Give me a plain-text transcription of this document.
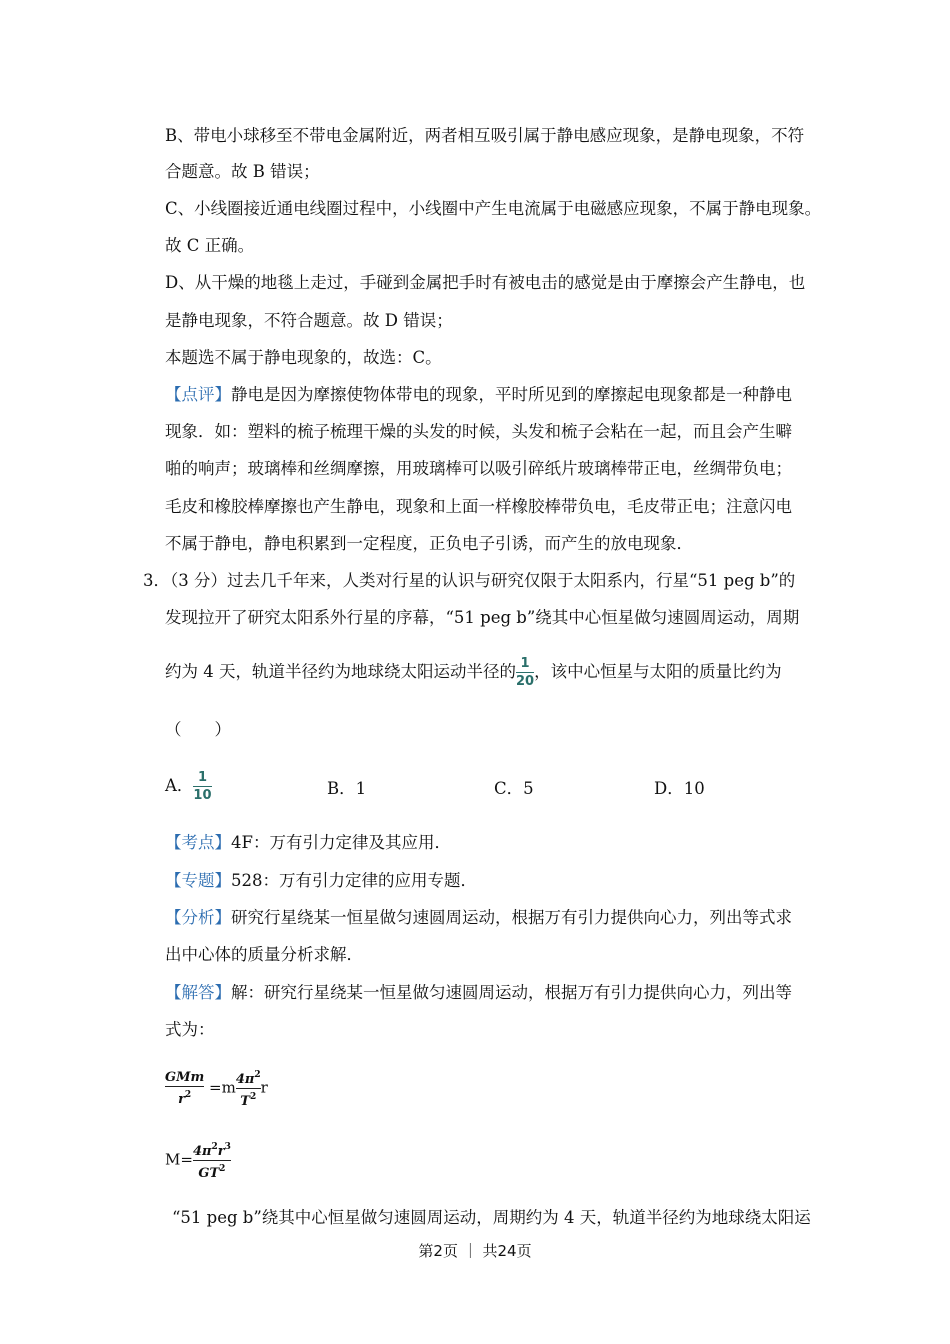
B、带电小球移至不带电金属附近，两者相互吸引属于静电感应现象，是静电现象，不符
合题意。故 B 错误；
C、小线圈接近通电线圈过程中，小线圈中产生电流属于电磁感应现象，不属于静电现象。
故 C 正确。
D、从干燥的地毯上走过，手碰到金属把手时有被电击的感觉是由于摩擦会产生静电，也
是静电现象，不符合题意。故 D 错误；
本题选不属于静电现象的，故选：C。
【点评】静电是因为摩擦使物体带电的现象，平时所见到的摩擦起电现象都是一种静电
现象．如：塑料的梳子梳理干燥的头发的时候，头发和梳子会粘在一起，而且会产生噼
啪的响声；玻璃棒和丝绸摩擦，用玻璃棒可以吸引碎纸片玻璃棒带正电，丝绸带负电；
毛皮和橡胶棒摩擦也产生静电，现象和上面一样橡胶棒带负电，毛皮带正电；注意闪电
不属于静电，静电积累到一定程度，正负电子引诱，而产生的放电现象．
3．（3 分）过去几千年来，人类对行星的认识与研究仅限于太阳系内，行星“51 peg b”的
发现拉开了研究太阳系外行星的序幕，“51 peg b”绕其中心恒星做匀速圆周运动，周期
约为 4 天，轨道半径约为地球绕太阳运动半径的 $\frac{1}{20}$ ，该中心恒星与太阳的质量比约为
（　　）
A． $\frac{1}{10}$	B．1	C．5	D．10
【考点】4F：万有引力定律及其应用．
【专题】528：万有引力定律的应用专题．
【分析】研究行星绕某一恒星做匀速圆周运动，根据万有引力提供向心力，列出等式求
出中心体的质量分析求解．
【解答】解：研究行星绕某一恒星做匀速圆周运动，根据万有引力提供向心力，列出等
式为：
$\frac{\text{GMm}}{r^2} =m \frac{4\pi^2}{T^2}$ r
$M= \frac{4\pi^2r^3}{GT^2}$
“51 peg b”绕其中心恒星做匀速圆周运动，周期约为 4 天，轨道半径约为地球绕太阳运
第2页 ｜ 共24页
